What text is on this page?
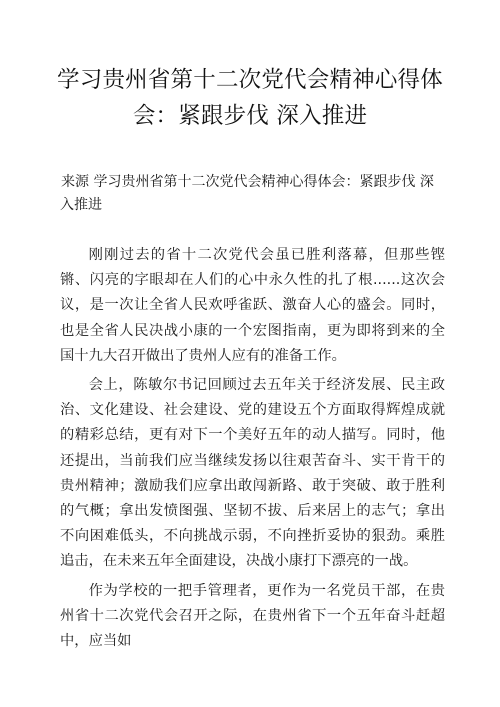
学习贵州省第十二次党代会精神心得体会：紧跟步伐 深入推进

来源 学习贵州省第十二次党代会精神心得体会：紧跟步伐 深入推进

刚刚过去的省十二次党代会虽已胜利落幕，但那些铿锵、闪亮的字眼却在人们的心中永久性的扎了根......这次会议，是一次让全省人民欢呼雀跃、激奋人心的盛会。同时，也是全省人民决战小康的一个宏图指南，更为即将到来的全国十九大召开做出了贵州人应有的准备工作。

会上，陈敏尔书记回顾过去五年关于经济发展、民主政治、文化建设、社会建设、党的建设五个方面取得辉煌成就的精彩总结，更有对下一个美好五年的动人描写。同时，他还提出，当前我们应当继续发扬以往艰苦奋斗、实干肯干的贵州精神；激励我们应拿出敢闯新路、敢于突破、敢于胜利的气概；拿出发愤图强、坚韧不拔、后来居上的志气；拿出不向困难低头，不向挑战示弱，不向挫折妥协的狠劲。乘胜追击，在未来五年全面建设，决战小康打下漂亮的一战。

作为学校的一把手管理者，更作为一名党员干部，在贵州省十二次党代会召开之际，在贵州省下一个五年奋斗赶超中，应当如
